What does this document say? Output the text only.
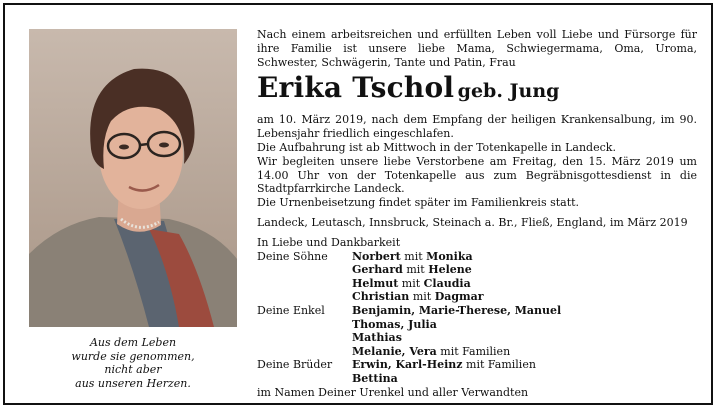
Aus dem Leben
wurde sie genommen,
nicht aber
aus unseren Herzen.
Nach einem arbeitsreichen und erfüllten Leben voll Liebe und Fürsorge für ihre Familie ist unsere liebe Mama, Schwiegermama, Oma, Uroma, Schwester, Schwägerin, Tante und Patin, Frau
Erika Tschol geb. Jung
am 10. März 2019, nach dem Empfang der heiligen Krankensalbung, im 90. Lebensjahr friedlich eingeschlafen.
Die Aufbahrung ist ab Mittwoch in der Totenkapelle in Landeck.
Wir begleiten unsere liebe Verstorbene am Freitag, den 15. März 2019 um 14.00 Uhr von der Totenkapelle aus zum Begräbnisgottesdienst in die Stadtpfarrkirche Landeck.
Die Urnenbeisetzung findet später im Familienkreis statt.
Landeck, Leutasch, Innsbruck, Steinach a. Br., Fließ, England, im März 2019
In Liebe und Dankbarkeit
Deine Söhne	Norbert mit Monika
	Gerhard mit Helene
	Helmut mit Claudia
	Christian mit Dagmar
Deine Enkel	Benjamin, Marie-Therese, Manuel
	Thomas, Julia
	Mathias
	Melanie, Vera mit Familien
Deine Brüder	Erwin, Karl-Heinz mit Familien
	Bettina
im Namen Deiner Urenkel und aller Verwandten
